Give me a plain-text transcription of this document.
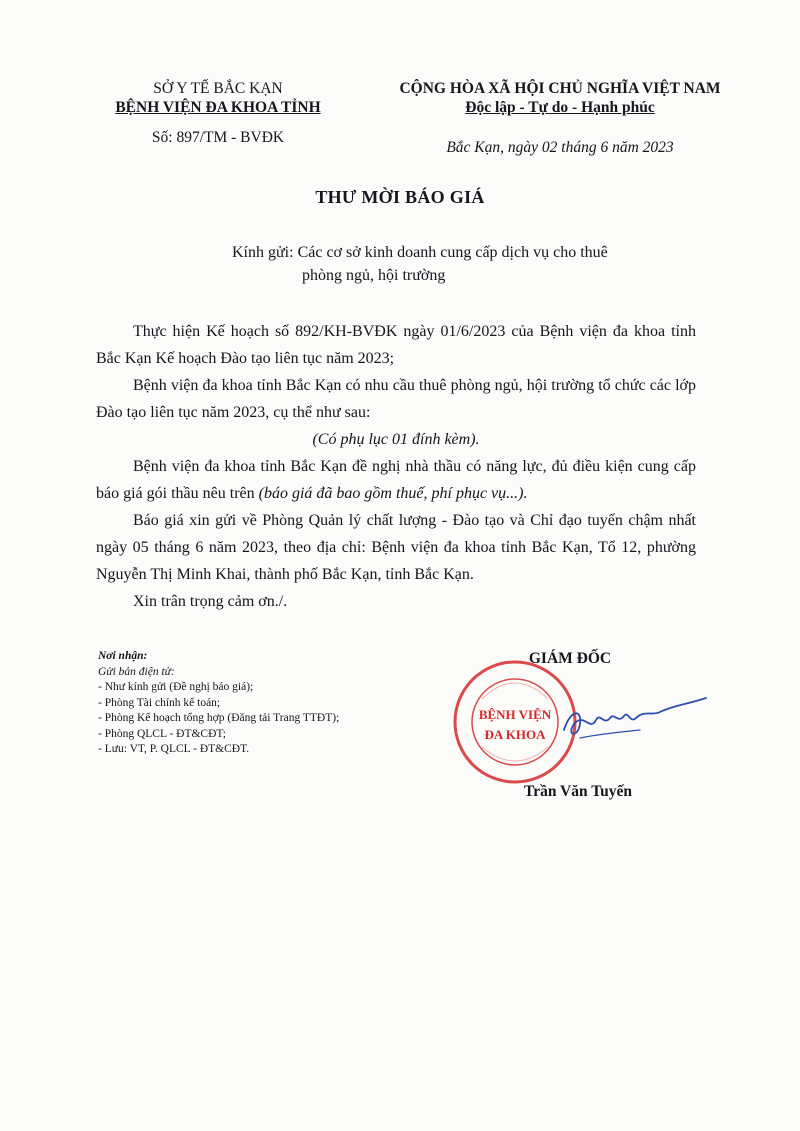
SỞ Y TẾ BẮC KẠN
BỆNH VIỆN ĐA KHOA TỈNH
Số: 897/TM - BVĐK
CỘNG HÒA XÃ HỘI CHỦ NGHĨA VIỆT NAM
Độc lập - Tự do - Hạnh phúc
Bắc Kạn, ngày 02 tháng 6 năm 2023
THƯ MỜI BÁO GIÁ
Kính gửi: Các cơ sở kinh doanh cung cấp dịch vụ cho thuê
phòng ngủ, hội trường

Thực hiện Kế hoạch số 892/KH-BVĐK ngày 01/6/2023 của Bệnh viện đa khoa tỉnh Bắc Kạn Kế hoạch Đào tạo liên tục năm 2023;

Bệnh viện đa khoa tỉnh Bắc Kạn có nhu cầu thuê phòng ngủ, hội trường tổ chức các lớp Đào tạo liên tục năm 2023, cụ thể như sau:

(Có phụ lục 01 đính kèm).

Bệnh viện đa khoa tỉnh Bắc Kạn đề nghị nhà thầu có năng lực, đủ điều kiện cung cấp báo giá gói thầu nêu trên (báo giá đã bao gồm thuế, phí phục vụ...).

Báo giá xin gửi về Phòng Quản lý chất lượng - Đào tạo và Chỉ đạo tuyến chậm nhất ngày 05 tháng 6 năm 2023, theo địa chỉ: Bệnh viện đa khoa tỉnh Bắc Kạn, Tổ 12, phường Nguyễn Thị Minh Khai, thành phố Bắc Kạn, tỉnh Bắc Kạn.

Xin trân trọng cảm ơn./.

Nơi nhận:
Gửi bản điện tử:
- Như kính gửi (Đề nghị báo giá);
- Phòng Tài chính kế toán;
- Phòng Kế hoạch tổng hợp (Đăng tải Trang TTĐT);
- Phòng QLCL - ĐT&CĐT;
- Lưu: VT, P. QLCL - ĐT&CĐT.
GIÁM ĐỐC
BỆNH VIỆN
ĐA KHOA
Trần Văn Tuyến
